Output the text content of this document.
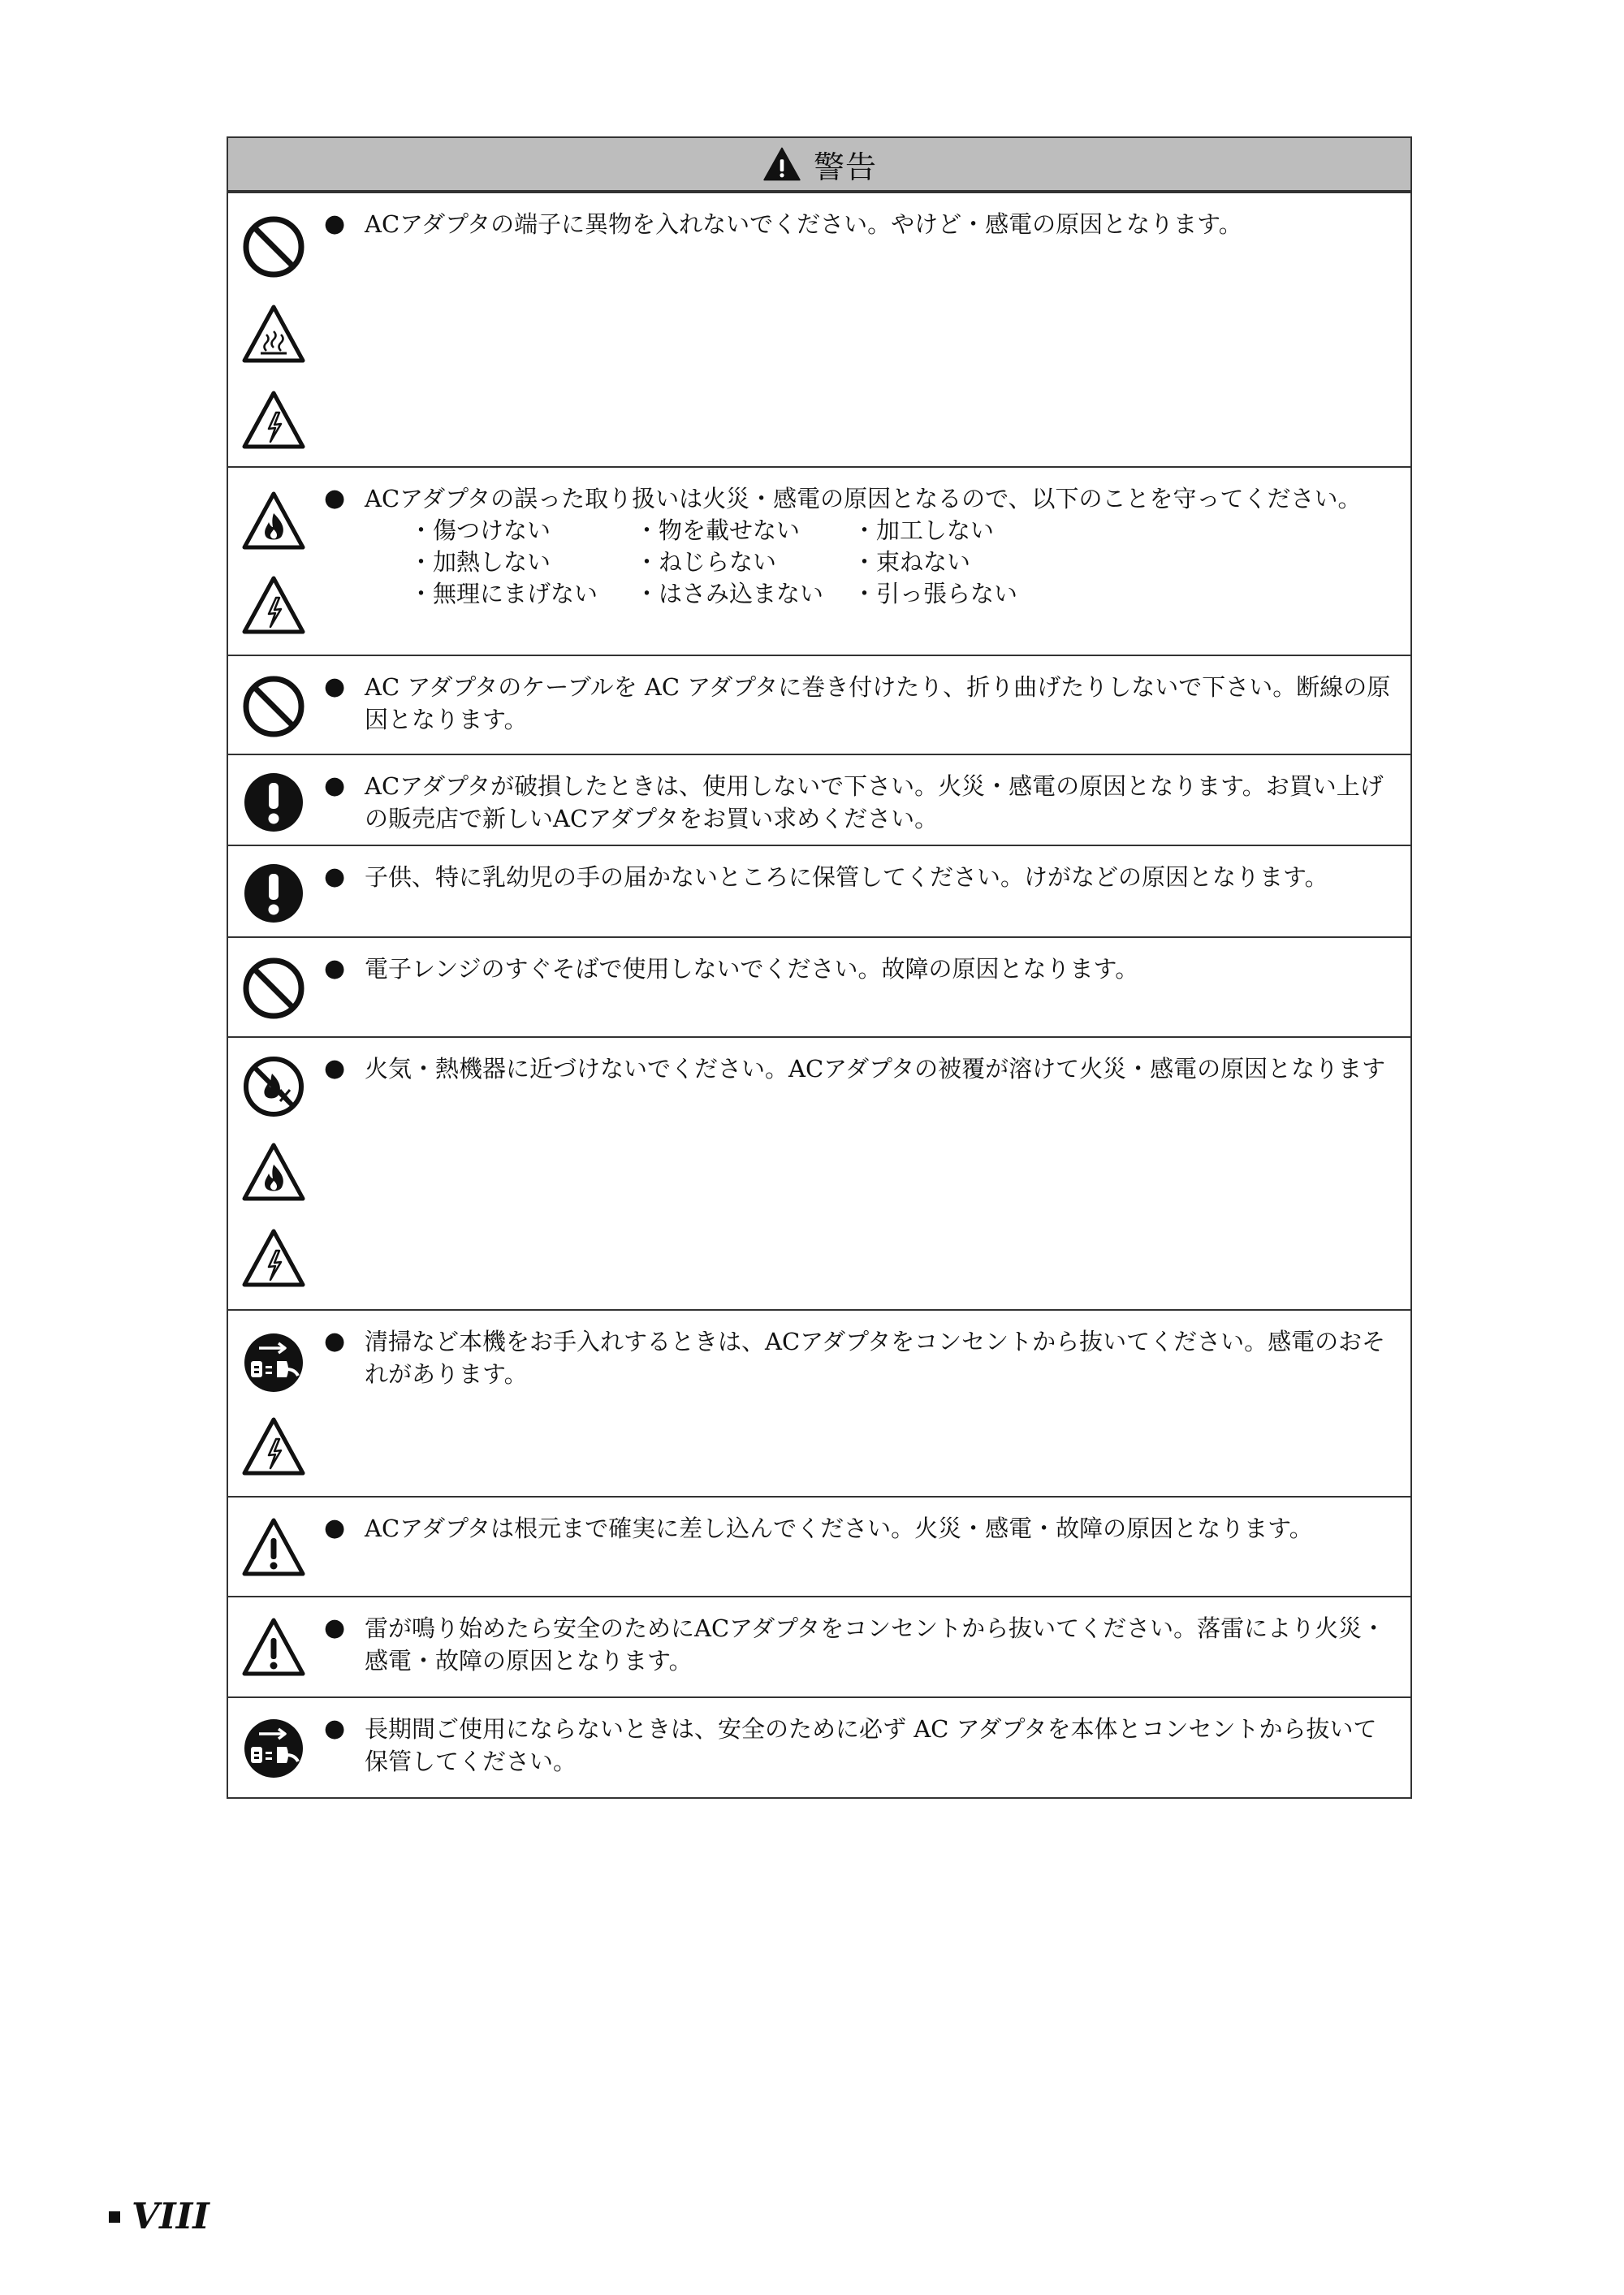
警告
● ACアダプタの端子に異物を入れないでください。やけど・感電の原因となります。
● ACアダプタの誤った取り扱いは火災・感電の原因となるので、以下のことを守ってください。
・傷つけない	・物を載せない	・加工しない
・加熱しない	・ねじらない	・束ねない
・無理にまげない	・はさみ込まない	・引っ張らない
● AC アダプタのケーブルを AC アダプタに巻き付けたり、折り曲げたりしないで下さい。断線の原因となります。
● ACアダプタが破損したときは、使用しないで下さい。火災・感電の原因となります。お買い上げの販売店で新しいACアダプタをお買い求めください。
● 子供、特に乳幼児の手の届かないところに保管してください。けがなどの原因となります。
● 電子レンジのすぐそばで使用しないでください。故障の原因となります。
● 火気・熱機器に近づけないでください。ACアダプタの被覆が溶けて火災・感電の原因となります
● 清掃など本機をお手入れするときは、ACアダプタをコンセントから抜いてください。感電のおそれがあります。
● ACアダプタは根元まで確実に差し込んでください。火災・感電・故障の原因となります。
● 雷が鳴り始めたら安全のためにACアダプタをコンセントから抜いてください。落雷により火災・感電・故障の原因となります。
● 長期間ご使用にならないときは、安全のために必ず AC アダプタを本体とコンセントから抜いて保管してください。
VIII
